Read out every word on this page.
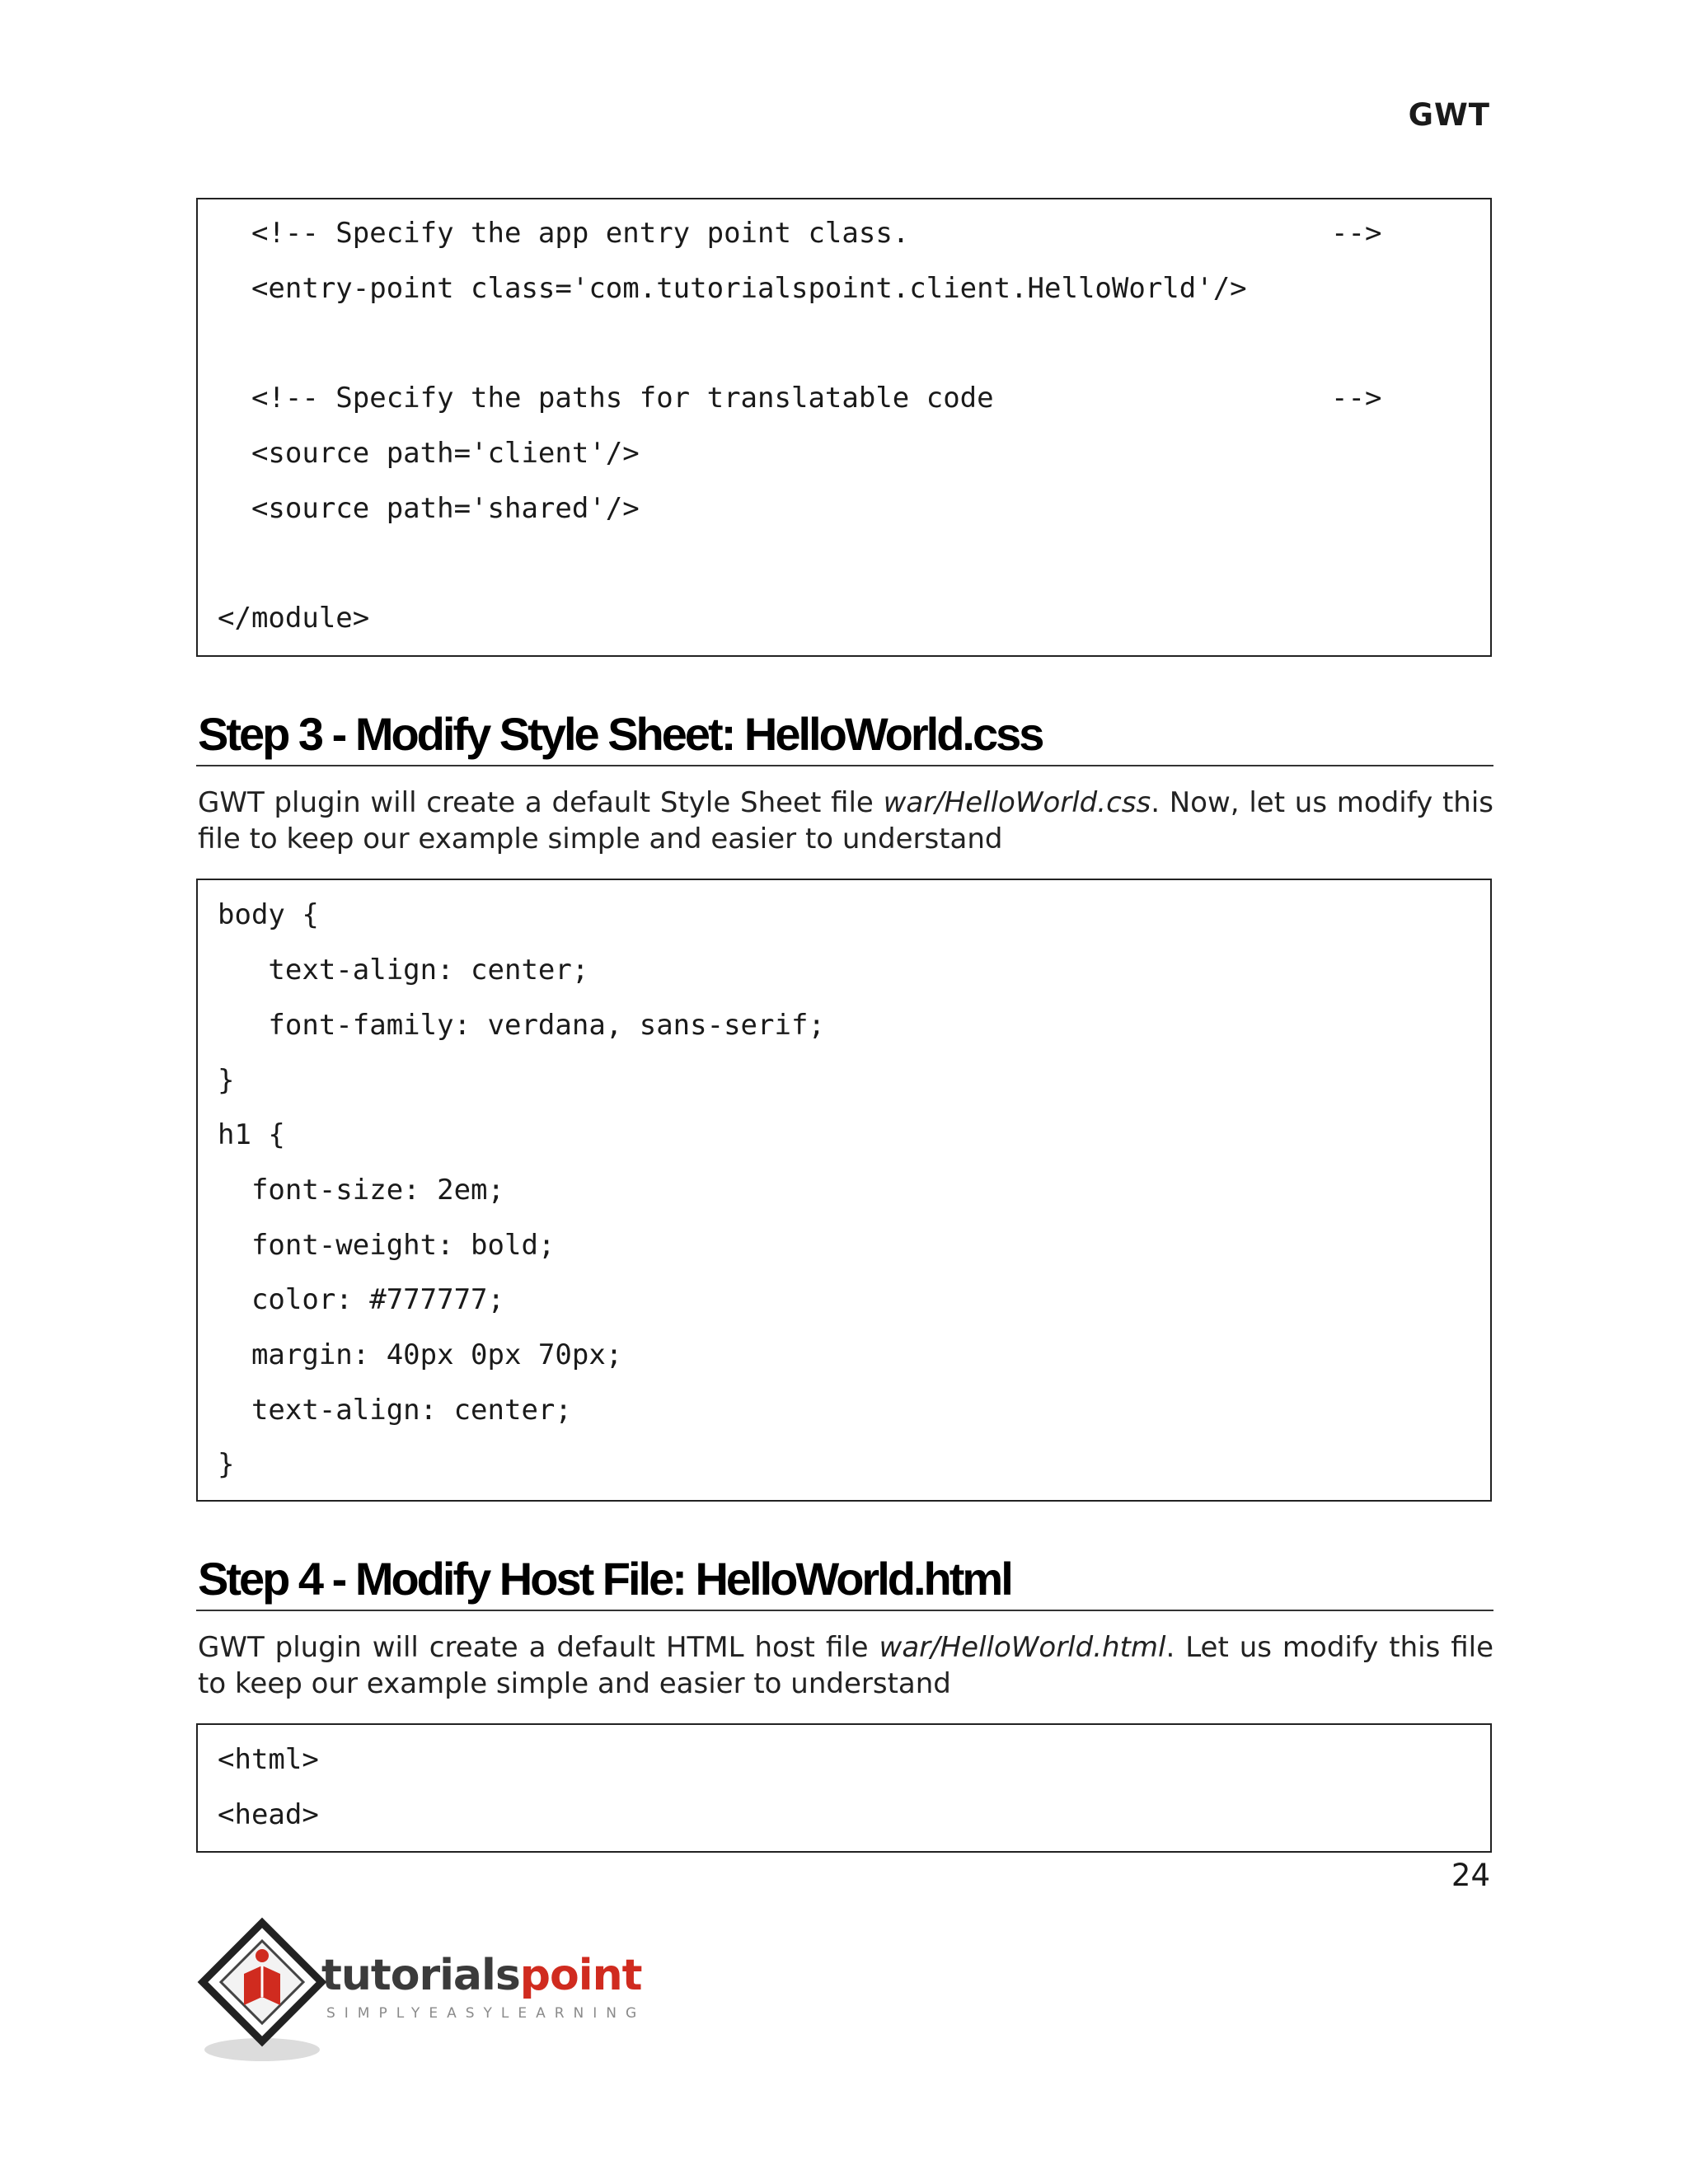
GWT
<!-- Specify the app entry point class.                         -->
<entry-point class='com.tutorialspoint.client.HelloWorld'/>
<!-- Specify the paths for translatable code                    -->
<source path='client'/>
<source path='shared'/>
</module>
Step 3 - Modify Style Sheet: HelloWorld.css

GWT plugin will create a default Style Sheet file war/HelloWorld.css. Now, let us modify this file to keep our example simple and easier to understand

body {
text-align: center;
font-family: verdana, sans-serif;
}
h1 {
font-size: 2em;
font-weight: bold;
color: #777777;
margin: 40px 0px 70px;
text-align: center;
}
Step 4 - Modify Host File: HelloWorld.html

GWT plugin will create a default HTML host file war/HelloWorld.html. Let us modify this file to keep our example simple and easier to understand

<html>
<head>
24
tutorialspoint
SIMPLYEASYLEARNING
